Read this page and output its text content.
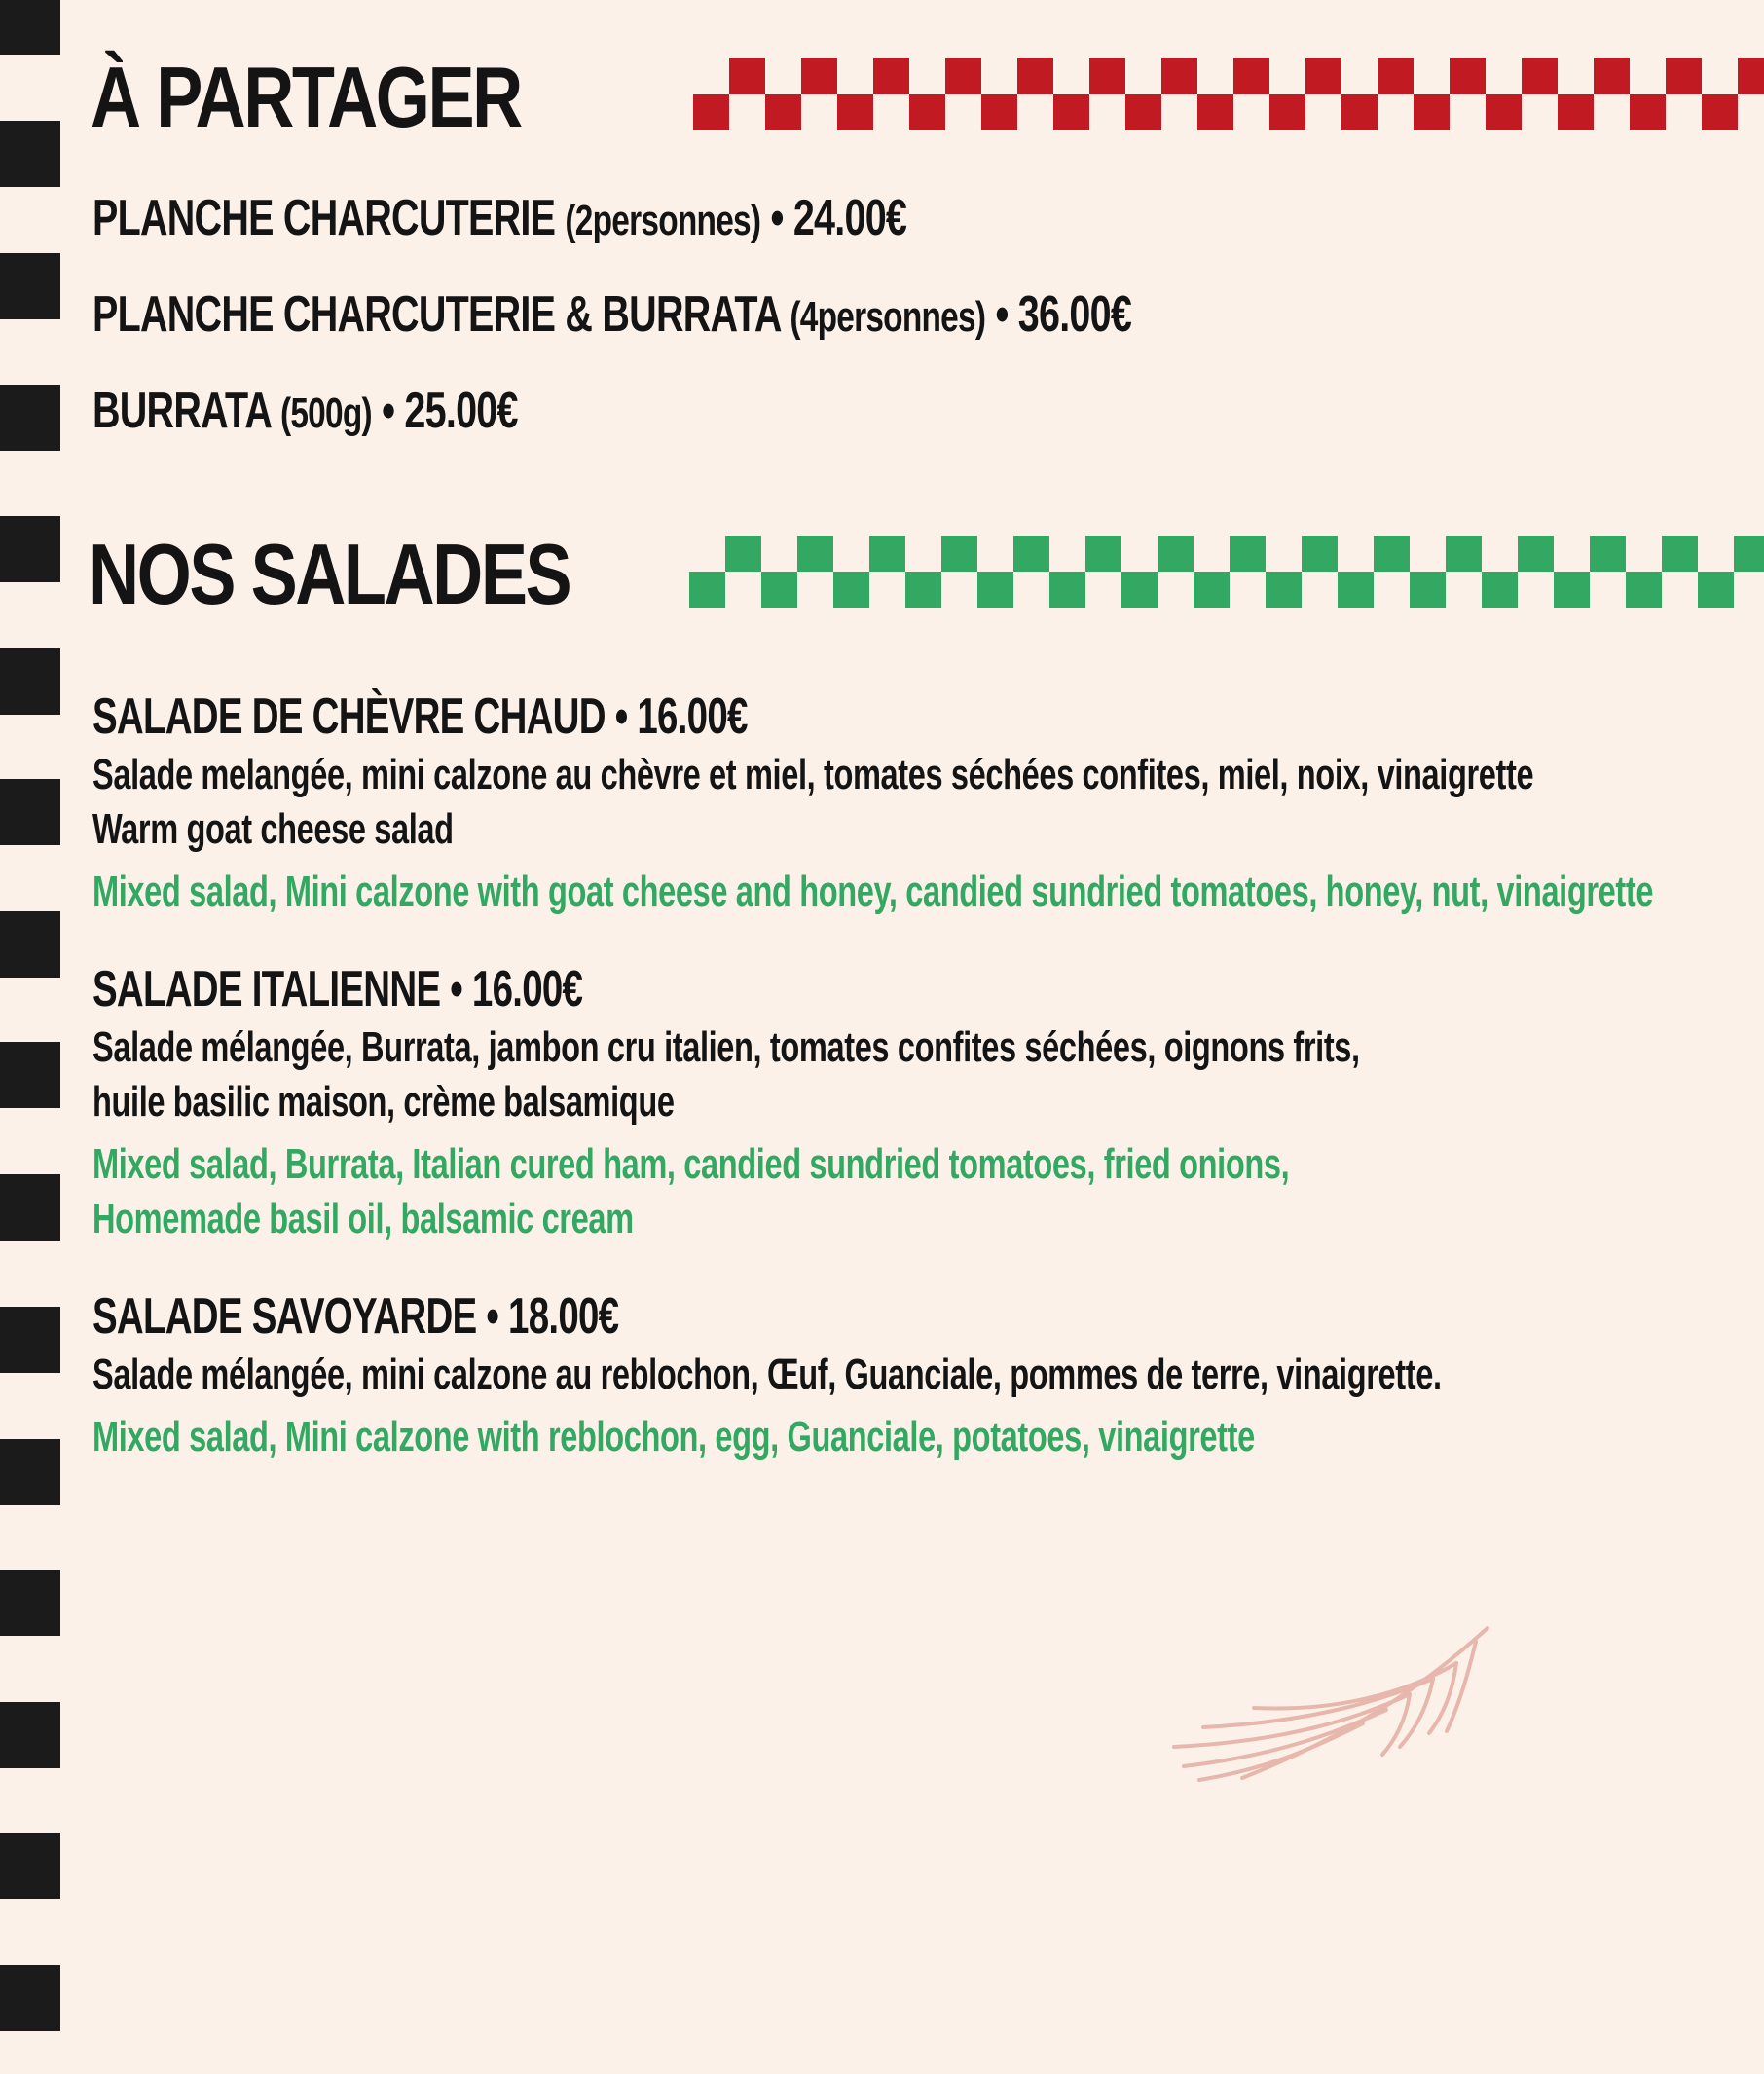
À PARTAGER
PLANCHE CHARCUTERIE (2personnes) • 24.00€
PLANCHE CHARCUTERIE & BURRATA (4personnes) • 36.00€
BURRATA (500g) • 25.00€
NOS SALADES

SALADE DE CHÈVRE CHAUD • 16.00€

Salade melangée, mini calzone au chèvre et miel, tomates séchées confites, miel, noix, vinaigrette

Warm goat cheese salad

Mixed salad, Mini calzone with goat cheese and honey, candied sundried tomatoes, honey, nut, vinaigrette

SALADE ITALIENNE • 16.00€

Salade mélangée, Burrata, jambon cru italien, tomates confites séchées, oignons frits,

huile basilic maison, crème balsamique

Mixed salad, Burrata, Italian cured ham, candied sundried tomatoes, fried onions,

Homemade basil oil, balsamic cream

SALADE SAVOYARDE • 18.00€

Salade mélangée, mini calzone au reblochon, Œuf, Guanciale, pommes de terre, vinaigrette.

Mixed salad, Mini calzone with reblochon, egg, Guanciale, potatoes, vinaigrette
